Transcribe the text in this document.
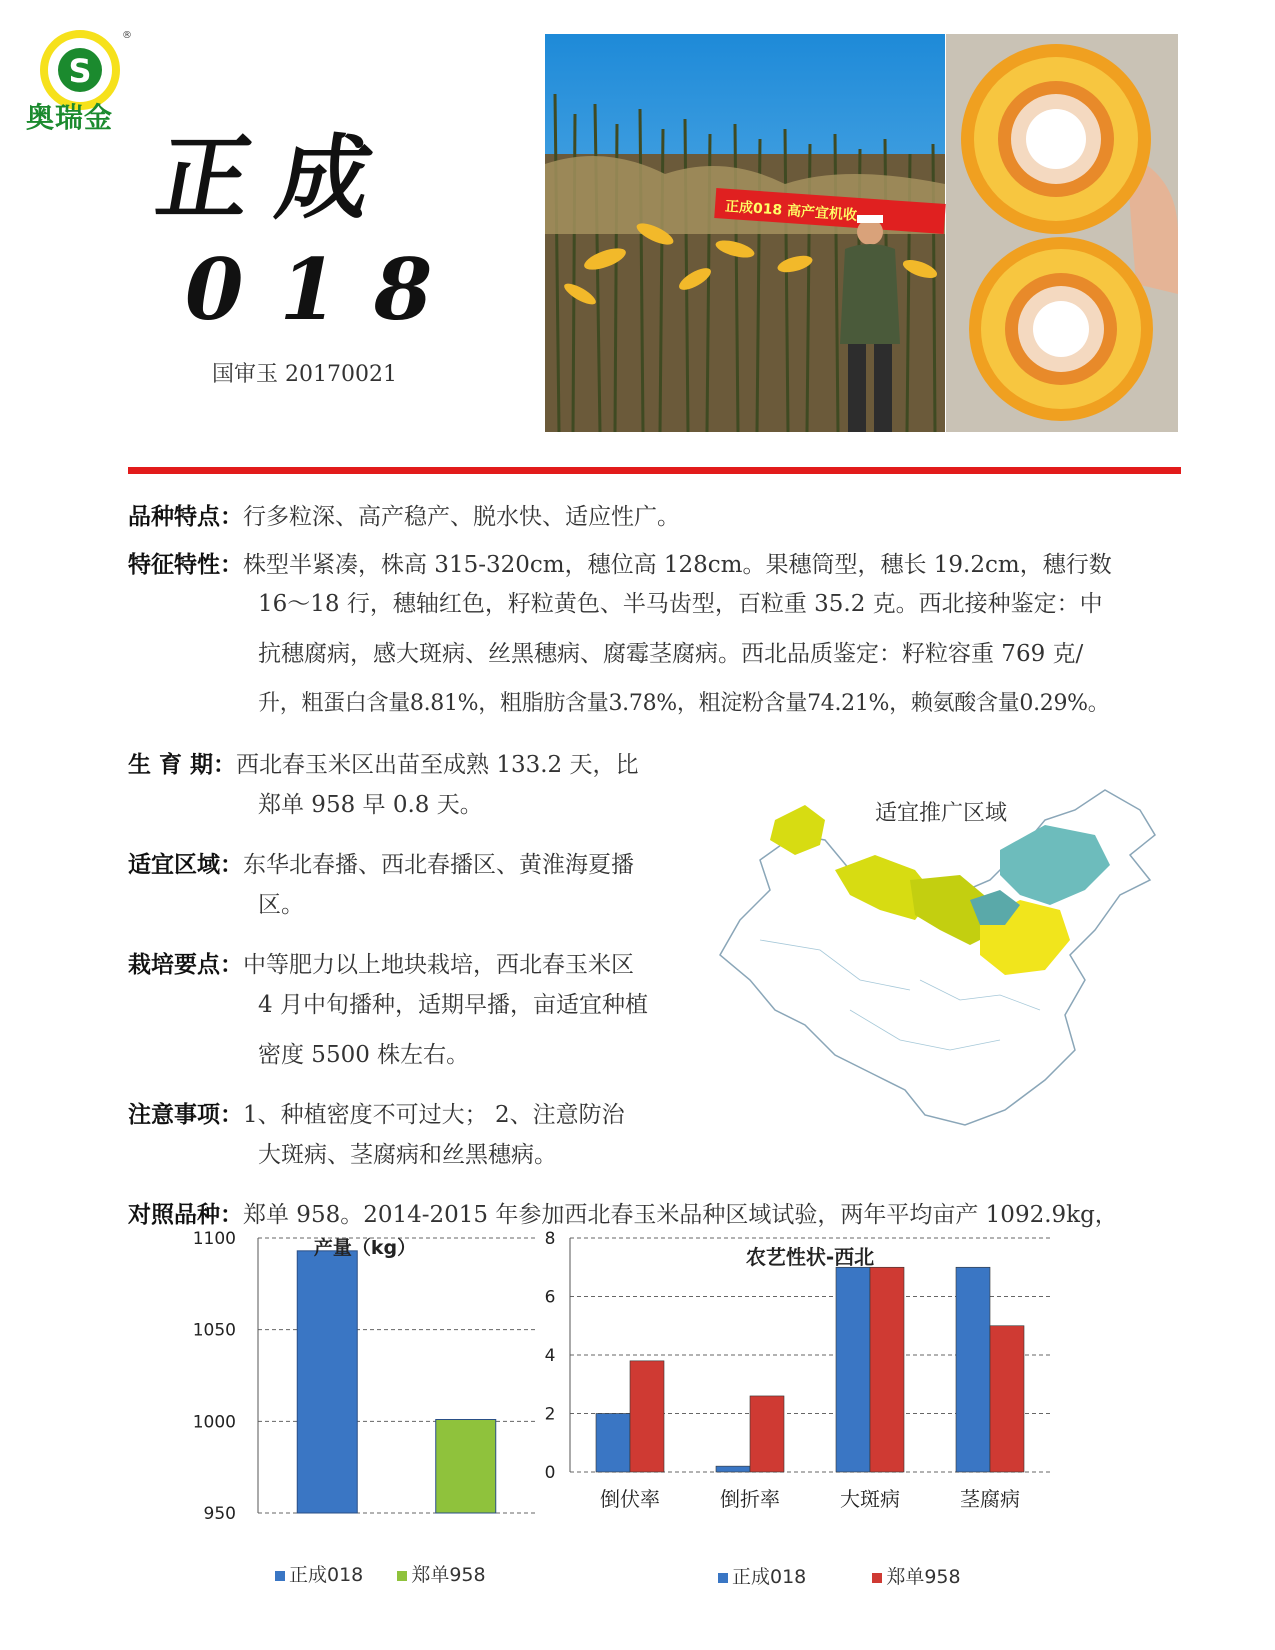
S
®
奥瑞金
正成
018
国审玉 20170021
正成018 高产宜机收
品种特点：行多粒深、高产稳产、脱水快、适应性广。
特征特性：株型半紧凑，株高 315-320cm，穗位高 128cm。果穗筒型，穗长 19.2cm，穗行数
16～18 行，穗轴红色，籽粒黄色、半马齿型，百粒重 35.2 克。西北接种鉴定：中
抗穗腐病，感大斑病、丝黑穗病、腐霉茎腐病。西北品质鉴定：籽粒容重 769 克/
升，粗蛋白含量8.81%，粗脂肪含量3.78%，粗淀粉含量74.21%，赖氨酸含量0.29%。
生 育 期：西北春玉米区出苗至成熟 133.2 天，比
郑单 958 早 0.8 天。
适宜区域：东华北春播、西北春播区、黄淮海夏播
区。
栽培要点：中等肥力以上地块栽培，西北春玉米区
4 月中旬播种，适期早播，亩适宜种植
密度 5500 株左右。
注意事项：1、种植密度不可过大； 2、注意防治
大斑病、茎腐病和丝黑穗病。
对照品种：郑单 958。2014-2015 年参加西北春玉米品种区域试验，两年平均亩产 1092.9kg，
适宜推广区域
1100
1050
1000
950
产量（kg）
正成018	郑单958
8
6
4
2
0
倒伏率	倒折率	大斑病	茎腐病
农艺性状-西北
正成018	郑单958
